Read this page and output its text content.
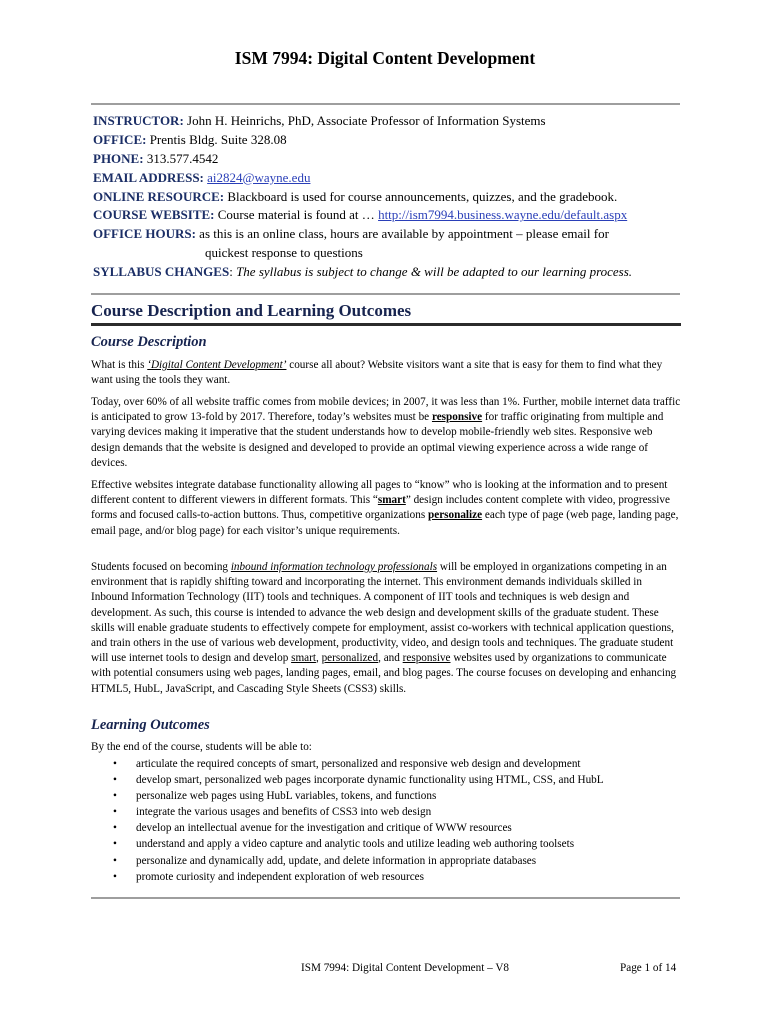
ISM 7994: Digital Content Development
INSTRUCTOR: John H. Heinrichs, PhD, Associate Professor of Information Systems
OFFICE: Prentis Bldg. Suite 328.08
PHONE: 313.577.4542
EMAIL ADDRESS: ai2824@wayne.edu
ONLINE RESOURCE: Blackboard is used for course announcements, quizzes, and the gradebook.
COURSE WEBSITE: Course material is found at … http://ism7994.business.wayne.edu/default.aspx
OFFICE HOURS: as this is an online class, hours are available by appointment – please email for
quickest response to questions
SYLLABUS CHANGES: The syllabus is subject to change & will be adapted to our learning process.
Course Description and Learning Outcomes
Course Description

What is this ‘Digital Content Development’ course all about? Website visitors want a site that is easy for them to find what they want using the tools they want.

Today, over 60% of all website traffic comes from mobile devices; in 2007, it was less than 1%. Further, mobile internet data traffic is anticipated to grow 13-fold by 2017. Therefore, today’s websites must be responsive for traffic originating from multiple and varying devices making it imperative that the student understands how to develop mobile-friendly web sites. Responsive web design demands that the website is designed and developed to provide an optimal viewing experience across a wide range of devices.

Effective websites integrate database functionality allowing all pages to “know” who is looking at the information and to present different content to different viewers in different formats. This “smart” design includes content complete with video, progressive forms and focused calls-to-action buttons. Thus, competitive organizations personalize each type of page (web page, landing page, email page, and/or blog page) for each visitor’s unique requirements.

Students focused on becoming inbound information technology professionals will be employed in organizations competing in an environment that is rapidly shifting toward and incorporating the internet. This environment demands individuals skilled in Inbound Information Technology (IIT) tools and techniques. A component of IIT tools and techniques is web design and development. As such, this course is intended to advance the web design and development skills of the graduate student. These skills will enable graduate students to effectively compete for employment, assist co-workers with technical application questions, and train others in the use of various web development, productivity, video, and design tools and techniques. The graduate student will use internet tools to design and develop smart, personalized, and responsive websites used by organizations to communicate with potential consumers using web pages, landing pages, email, and blog pages. The course focuses on developing and enhancing HTML5, HubL, JavaScript, and Cascading Style Sheets (CSS3) skills.

Learning Outcomes

By the end of the course, students will be able to:

• articulate the required concepts of smart, personalized and responsive web design and development
• develop smart, personalized web pages incorporate dynamic functionality using HTML, CSS, and HubL
• personalize web pages using HubL variables, tokens, and functions
• integrate the various usages and benefits of CSS3 into web design
• develop an intellectual avenue for the investigation and critique of WWW resources
• understand and apply a video capture and analytic tools and utilize leading web authoring toolsets
• personalize and dynamically add, update, and delete information in appropriate databases
• promote curiosity and independent exploration of web resources
ISM 7994: Digital Content Development – V8	Page 1 of 14
